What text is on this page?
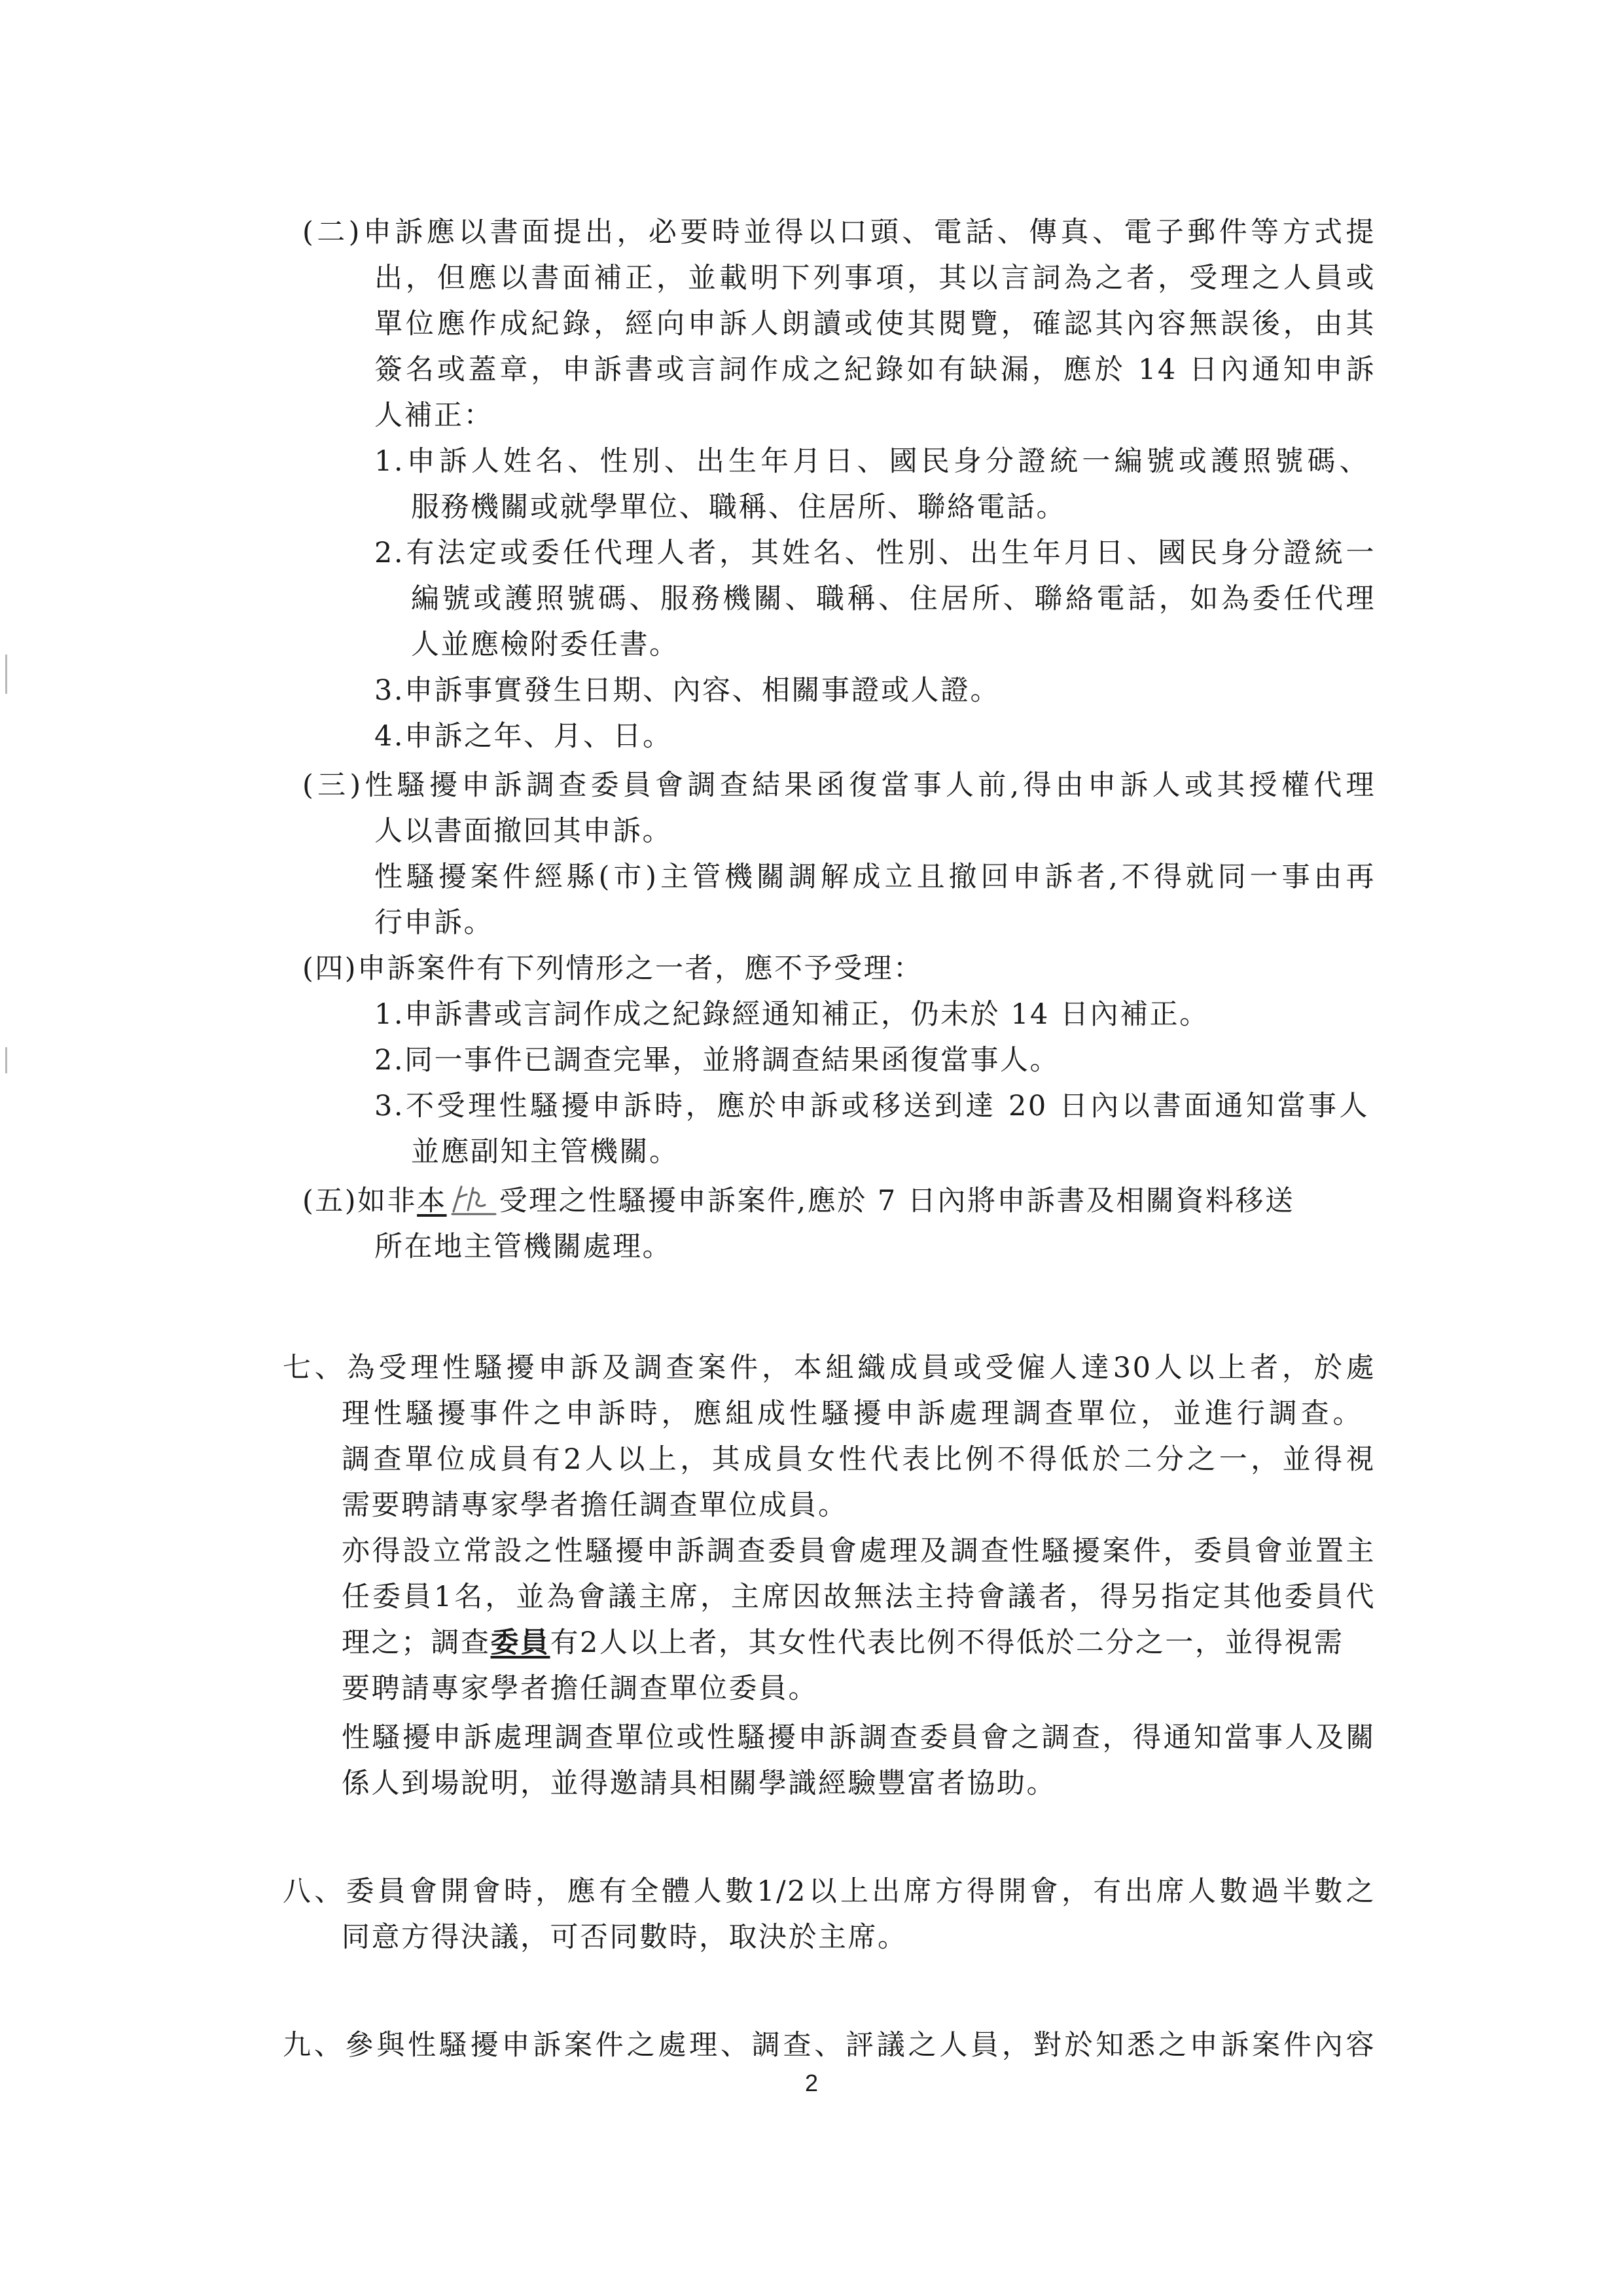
(二)申訴應以書面提出，必要時並得以口頭、電話、傳真、電子郵件等方式提
出，但應以書面補正，並載明下列事項，其以言詞為之者，受理之人員或
單位應作成紀錄，經向申訴人朗讀或使其閱覽，確認其內容無誤後，由其
簽名或蓋章，申訴書或言詞作成之紀錄如有缺漏，應於 14 日內通知申訴
人補正：
1.申訴人姓名、性別、出生年月日、國民身分證統一編號或護照號碼、
服務機關或就學單位、職稱、住居所、聯絡電話。
2.有法定或委任代理人者，其姓名、性別、出生年月日、國民身分證統一
編號或護照號碼、服務機關、職稱、住居所、聯絡電話，如為委任代理
人並應檢附委任書。
3.申訴事實發生日期、內容、相關事證或人證。
4.申訴之年、月、日。
(三)性騷擾申訴調查委員會調查結果函復當事人前,得由申訴人或其授權代理
人以書面撤回其申訴。
性騷擾案件經縣(市)主管機關調解成立且撤回申訴者,不得就同一事由再
行申訴。
(四)申訴案件有下列情形之一者，應不予受理：
1.申訴書或言詞作成之紀錄經通知補正，仍未於 14 日內補正。
2.同一事件已調查完畢，並將調查結果函復當事人。
3.不受理性騷擾申訴時，應於申訴或移送到達 20 日內以書面通知當事人
並應副知主管機關。
(五)如非本 受理之性騷擾申訴案件,應於 7 日內將申訴書及相關資料移送
所在地主管機關處理。
七、為受理性騷擾申訴及調查案件，本組織成員或受僱人達30人以上者，於處
理性騷擾事件之申訴時，應組成性騷擾申訴處理調查單位，並進行調查。
調查單位成員有2人以上，其成員女性代表比例不得低於二分之一，並得視
需要聘請專家學者擔任調查單位成員。
亦得設立常設之性騷擾申訴調查委員會處理及調查性騷擾案件，委員會並置主
任委員1名，並為會議主席，主席因故無法主持會議者，得另指定其他委員代
理之；調查委員有2人以上者，其女性代表比例不得低於二分之一，並得視需
要聘請專家學者擔任調查單位委員。
性騷擾申訴處理調查單位或性騷擾申訴調查委員會之調查，得通知當事人及關
係人到場說明，並得邀請具相關學識經驗豐富者協助。
八、委員會開會時，應有全體人數1/2以上出席方得開會，有出席人數過半數之
同意方得決議，可否同數時，取決於主席。
九、參與性騷擾申訴案件之處理、調查、評議之人員，對於知悉之申訴案件內容
2
